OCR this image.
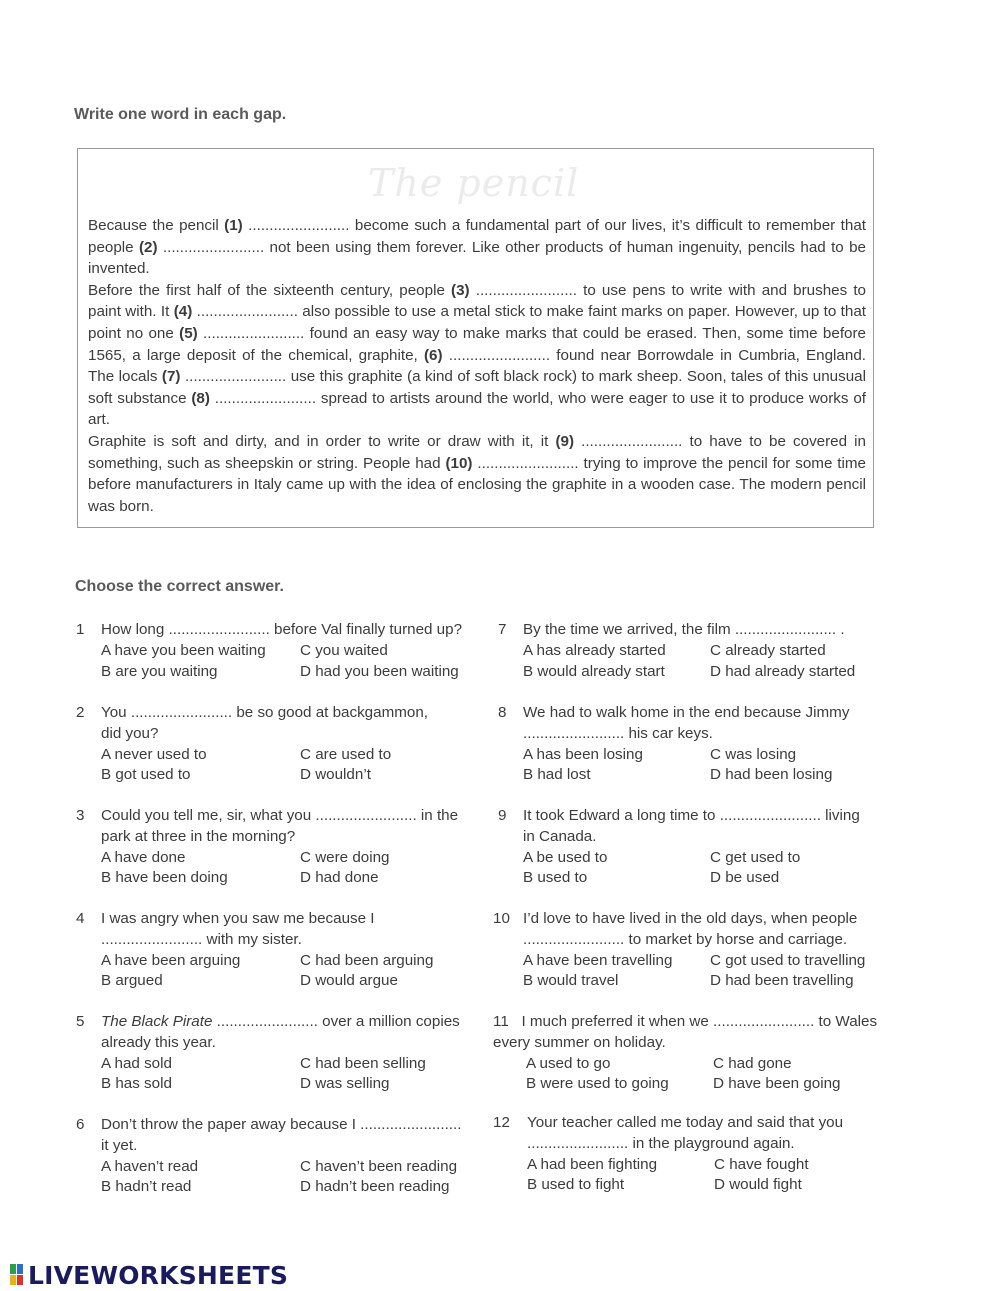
Write one word in each gap.
The pencil

Because the pencil (1) ........................ become such a fundamental part of our lives, it’s difficult to remember that people (2) ........................ not been using them forever. Like other products of human ingenuity, pencils had to be invented.

Before the first half of the sixteenth century, people (3) ........................ to use pens to write with and brushes to paint with. It (4) ........................ also possible to use a metal stick to make faint marks on paper. However, up to that point no one (5) ........................ found an easy way to make marks that could be erased. Then, some time before 1565, a large deposit of the chemical, graphite, (6) ........................ found near Borrowdale in Cumbria, England. The locals (7) ........................ use this graphite (a kind of soft black rock) to mark sheep. Soon, tales of this unusual soft substance (8) ........................ spread to artists around the world, who were eager to use it to produce works of art.

Graphite is soft and dirty, and in order to write or draw with it, it (9) ........................ to have to be covered in something, such as sheepskin or string. People had (10) ........................ trying to improve the pencil for some time before manufacturers in Italy came up with the idea of enclosing the graphite in a wooden case. The modern pencil was born.

Choose the correct answer.
1	How long ........................ before Val finally turned up?
A have you been waiting
B are you waiting
C you waited
D had you been waiting
2	You ........................ be so good at backgammon, did you?
A never used to
B got used to
C are used to
D wouldn’t
3	Could you tell me, sir, what you ........................ in the park at three in the morning?
A have done
B have been doing
C were doing
D had done
4	I was angry when you saw me because I ........................ with my sister.
A have been arguing
B argued
C had been arguing
D would argue
5	The Black Pirate ........................ over a million copies already this year.
A had sold
B has sold
C had been selling
D was selling
6	Don’t throw the paper away because I ........................ it yet.
A haven’t read
B hadn’t read
C haven’t been reading
D hadn’t been reading
7	By the time we arrived, the film ........................ .
A has already started
B would already start
C already started
D had already started
8	We had to walk home in the end because Jimmy ........................ his car keys.
A has been losing
B had lost
C was losing
D had been losing
9	It took Edward a long time to ........................ living in Canada.
A be used to
B used to
C get used to
D be used
10 I’d love to have lived in the old days, when people ........................ to market by horse and carriage.
A have been travelling
B would travel
C got used to travelling
D had been travelling
11 I much preferred it when we ........................ to Wales every summer on holiday.
A used to go
B were used to going
C had gone
D have been going
12	Your teacher called me today and said that you ........................ in the playground again.
A had been fighting
B used to fight
C have fought
D would fight
LIVEWORKSHEETS
